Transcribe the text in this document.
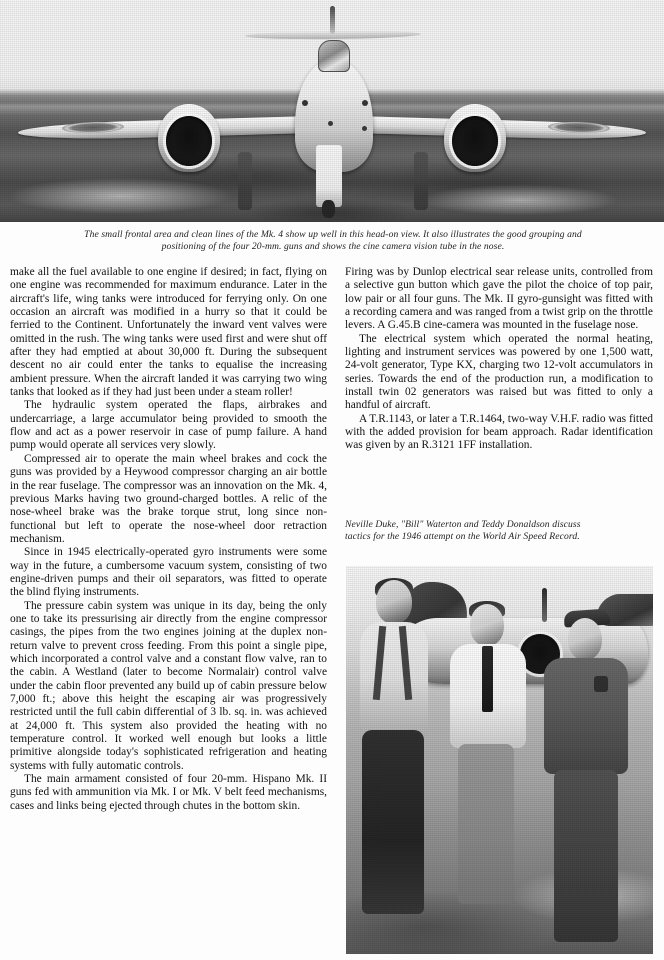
The small frontal area and clean lines of the Mk. 4 show up well in this head-on view. It also illustrates the good grouping and
positioning of the four 20-mm. guns and shows the cine camera vision tube in the nose.

make all the fuel available to one engine if desired; in fact, flying on one engine was recommended for maximum endurance. Later in the aircraft's life, wing tanks were introduced for ferrying only. On one occasion an aircraft was modified in a hurry so that it could be ferried to the Continent. Unfortunately the inward vent valves were omitted in the rush. The wing tanks were used first and were shut off after they had emptied at about 30,000 ft. During the subsequent descent no air could enter the tanks to equalise the increasing ambient pressure. When the aircraft landed it was carrying two wing tanks that looked as if they had just been under a steam roller!

The hydraulic system operated the flaps, airbrakes and undercarriage, a large accumulator being provided to smooth the flow and act as a power reservoir in case of pump failure. A hand pump would operate all services very slowly.

Compressed air to operate the main wheel brakes and cock the guns was provided by a Heywood compressor charging an air bottle in the rear fuselage. The compressor was an innovation on the Mk. 4, previous Marks having two ground-charged bottles. A relic of the nose-wheel brake was the brake torque strut, long since non-functional but left to operate the nose-wheel door retraction mechanism.

Since in 1945 electrically-operated gyro instruments were some way in the future, a cumbersome vacuum system, consisting of two engine-driven pumps and their oil separators, was fitted to operate the blind flying instruments.

The pressure cabin system was unique in its day, being the only one to take its pressurising air directly from the engine compressor casings, the pipes from the two engines joining at the duplex non-return valve to prevent cross feeding. From this point a single pipe, which incorporated a control valve and a constant flow valve, ran to the cabin. A Westland (later to become Normalair) control valve under the cabin floor prevented any build up of cabin pressure below 7,000 ft.; above this height the escaping air was progressively restricted until the full cabin differential of 3 lb. sq. in. was achieved at 24,000 ft. This system also provided the heating with no temperature control. It worked well enough but looks a little primitive alongside today's sophisticated refrigeration and heating systems with fully automatic controls.

The main armament consisted of four 20-mm. Hispano Mk. II guns fed with ammunition via Mk. I or Mk. V belt feed mechanisms, cases and links being ejected through chutes in the bottom skin.

Firing was by Dunlop electrical sear release units, controlled from a selective gun button which gave the pilot the choice of top pair, low pair or all four guns. The Mk. II gyro-gunsight was fitted with a recording camera and was ranged from a twist grip on the throttle levers. A G.45.B cine-camera was mounted in the fuselage nose.

The electrical system which operated the normal heating, lighting and instrument services was powered by one 1,500 watt, 24-volt generator, Type KX, charging two 12-volt accumulators in series. Towards the end of the production run, a modification to install twin 02 generators was raised but was fitted to only a handful of aircraft.

A T.R.1143, or later a T.R.1464, two-way V.H.F. radio was fitted with the added provision for beam approach. Radar identification was given by an R.3121 1FF installation.

Neville Duke, "Bill" Waterton and Teddy Donaldson discuss
tactics for the 1946 attempt on the World Air Speed Record.
